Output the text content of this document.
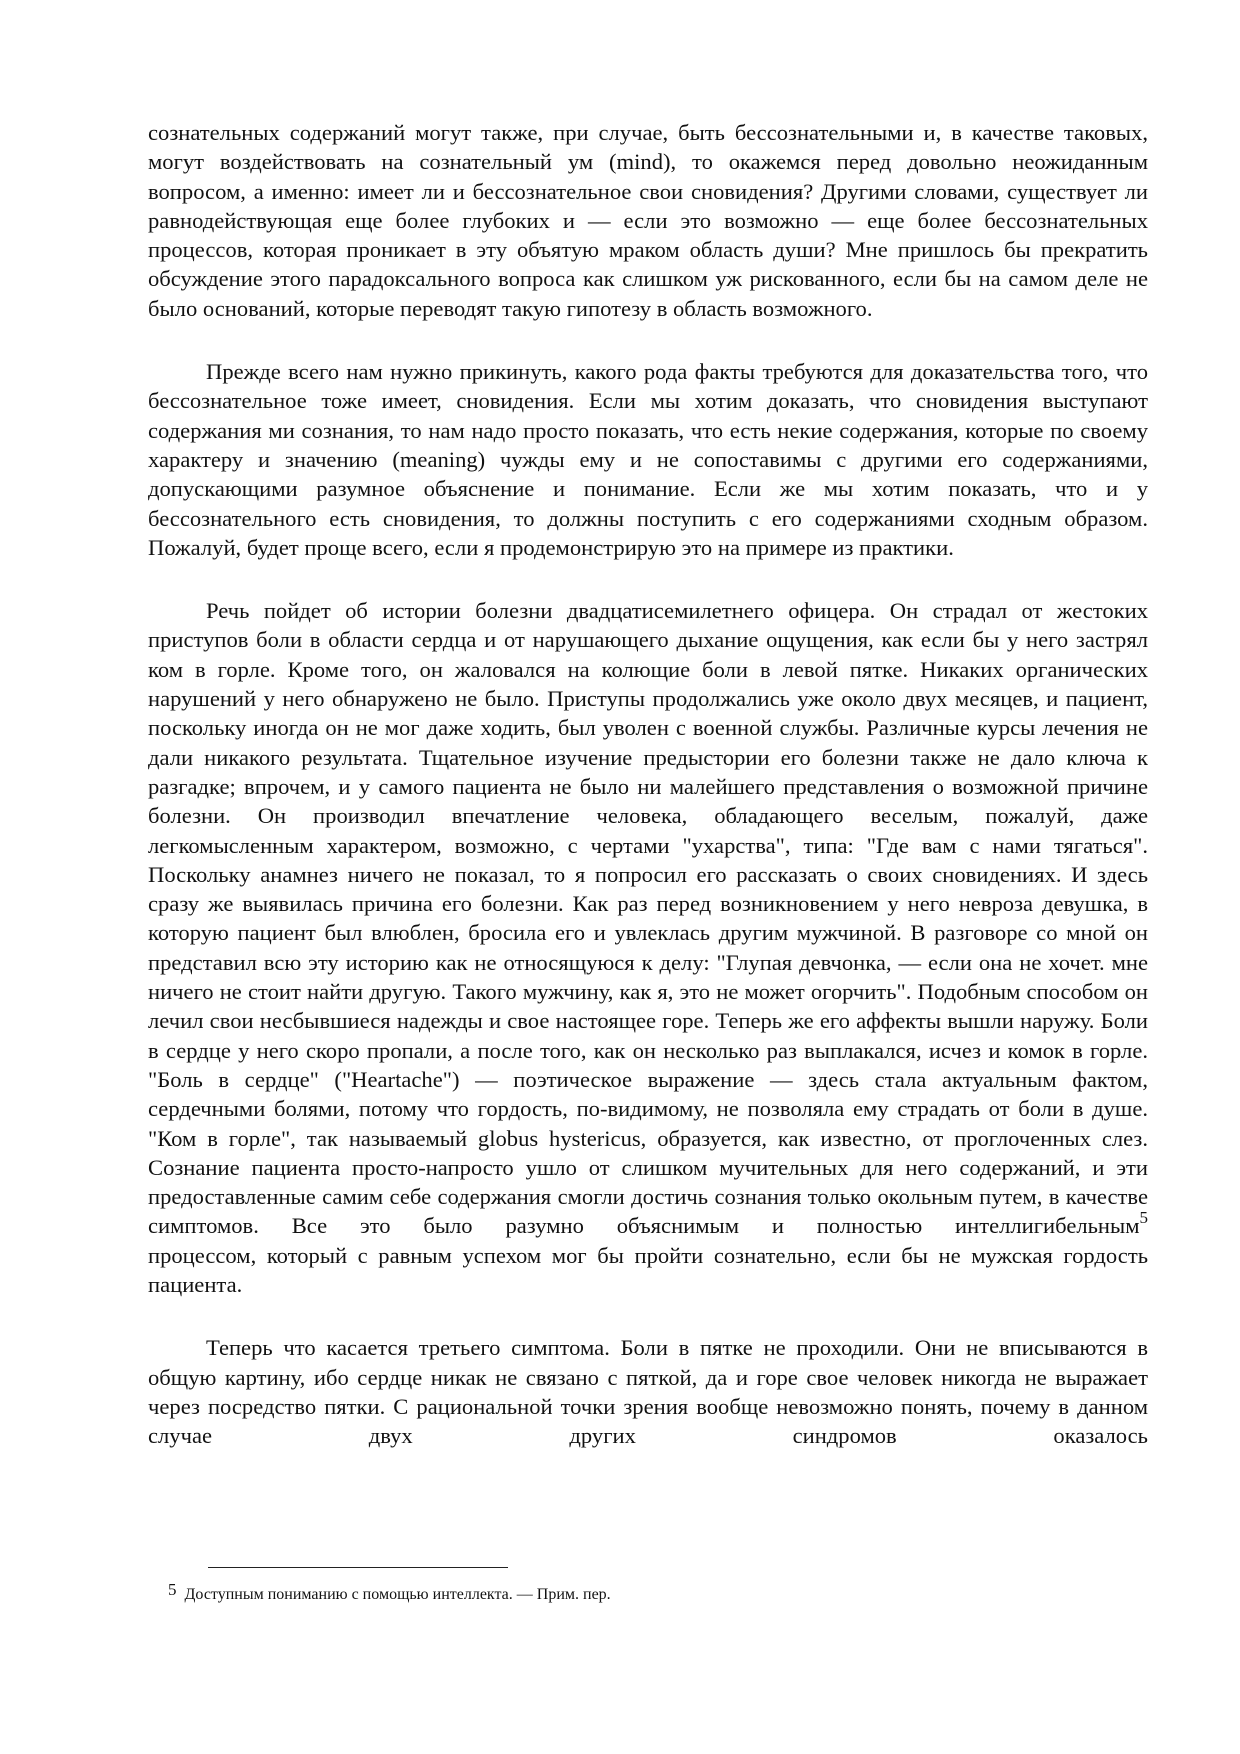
сознательных содержаний могут также, при случае, быть бессознательными и, в качестве таковых, могут воздействовать на сознательный ум (mind), то окажемся перед довольно неожиданным вопросом, а именно: имеет ли и бессознательное свои сновидения? Другими словами, существует ли равнодействующая еще более глубоких и — если это возможно — еще более бессознательных процессов, которая проникает в эту объятую мраком область души? Мне пришлось бы прекратить обсуждение этого парадоксального вопроса как слишком уж рискованного, если бы на самом деле не было оснований, которые переводят такую гипотезу в область возможного.

Прежде всего нам нужно прикинуть, какого рода факты требуются для доказательства того, что бессознательное тоже имеет, сновидения. Если мы хотим доказать, что сновидения выступают содержания ми сознания, то нам надо просто показать, что есть некие содержания, которые по своему характеру и значению (meaning) чужды ему и не сопоставимы с другими его содержаниями, допускающими разумное объяснение и понимание. Если же мы хотим показать, что и у бессознательного есть сновидения, то должны поступить с его содержаниями сходным образом. Пожалуй, будет проще всего, если я продемонстрирую это на примере из практики.

Речь пойдет об истории болезни двадцатисемилетнего офицера. Он страдал от жестоких приступов боли в области сердца и от нарушающего дыхание ощущения, как если бы у него застрял ком в горле. Кроме того, он жаловался на колющие боли в левой пятке. Никаких органических нарушений у него обнаружено не было. Приступы продолжались уже около двух месяцев, и пациент, поскольку иногда он не мог даже ходить, был уволен с военной службы. Различные курсы лечения не дали никакого результата. Тщательное изучение предыстории его болезни также не дало ключа к разгадке; впрочем, и у самого пациента не было ни малейшего представления о возможной причине болезни. Он производил впечатление человека, обладающего веселым, пожалуй, даже легкомысленным характером, возможно, с чертами "ухарства", типа: "Где вам с нами тягаться". Поскольку анамнез ничего не показал, то я попросил его рассказать о своих сновидениях. И здесь сразу же выявилась причина его болезни. Как раз перед возникновением у него невроза девушка, в которую пациент был влюблен, бросила его и увлеклась другим мужчиной. В разговоре со мной он представил всю эту историю как не относящуюся к делу: "Глупая девчонка, — если она не хочет. мне ничего не стоит найти другую. Такого мужчину, как я, это не может огорчить". Подобным способом он лечил свои несбывшиеся надежды и свое настоящее горе. Теперь же его аффекты вышли наружу. Боли в сердце у него скоро пропали, а после того, как он несколько раз выплакался, исчез и комок в горле. "Боль в сердце" ("Heartache") — поэтическое выражение — здесь стала актуальным фактом, сердечными болями, потому что гордость, по-видимому, не позволяла ему страдать от боли в душе. "Ком в горле", так называемый globus hystericus, образуется, как известно, от проглоченных слез. Сознание пациента просто-напросто ушло от слишком мучительных для него содержаний, и эти предоставленные самим себе содержания смогли достичь сознания только окольным путем, в качестве симптомов. Все это было разумно объяснимым и полностью интеллигибельным$^5$

процессом, который с равным успехом мог бы пройти сознательно, если бы не мужская гордость пациента.

Теперь что касается третьего симптома. Боли в пятке не проходили. Они не вписываются в общую картину, ибо сердце никак не связано с пяткой, да и горе свое человек никогда не выражает через посредство пятки. С рациональной точки зрения вообще невозможно понять, почему в данном случае двух других синдромов оказалось

5 Доступным пониманию с помощью интеллекта. — Прим. пер.
